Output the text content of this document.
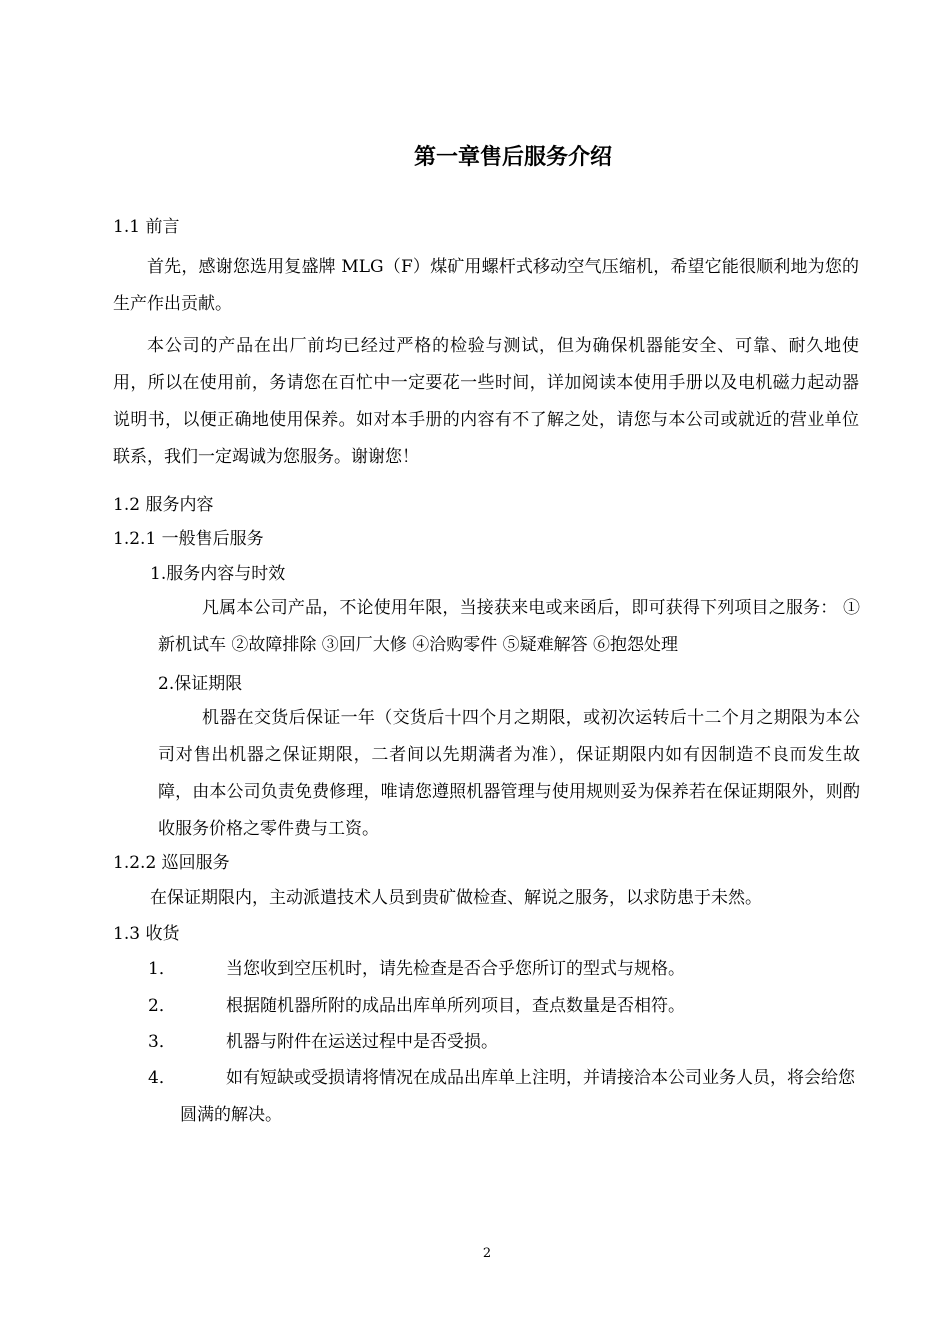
第一章售后服务介绍
1.1 前言

首先，感谢您选用复盛牌 MLG（F）煤矿用螺杆式移动空气压缩机，希望它能很顺利地为您的生产作出贡献。

本公司的产品在出厂前均已经过严格的检验与测试，但为确保机器能安全、可靠、耐久地使用，所以在使用前，务请您在百忙中一定要花一些时间，详加阅读本使用手册以及电机磁力起动器说明书，以便正确地使用保养。如对本手册的内容有不了解之处，请您与本公司或就近的营业单位联系，我们一定竭诚为您服务。谢谢您！

1.2 服务内容
1.2.1 一般售后服务
1.服务内容与时效

凡属本公司产品，不论使用年限，当接获来电或来函后，即可获得下列项目之服务： ①新机试车 ②故障排除 ③回厂大修 ④洽购零件 ⑤疑难解答 ⑥抱怨处理

2.保证期限

机器在交货后保证一年（交货后十四个月之期限，或初次运转后十二个月之期限为本公司对售出机器之保证期限，二者间以先期满者为准），保证期限内如有因制造不良而发生故障，由本公司负责免费修理，唯请您遵照机器管理与使用规则妥为保养若在保证期限外，则酌收服务价格之零件费与工资。

1.2.2 巡回服务
在保证期限内，主动派遣技术人员到贵矿做检查、解说之服务，以求防患于未然。
1.3 收货
1．	当您收到空压机时，请先检查是否合乎您所订的型式与规格。
2．	根据随机器所附的成品出库单所列项目，查点数量是否相符。
3．	机器与附件在运送过程中是否受损。
4．	如有短缺或受损请将情况在成品出库单上注明，并请接洽本公司业务人员，将会给您圆满的解决。
2
